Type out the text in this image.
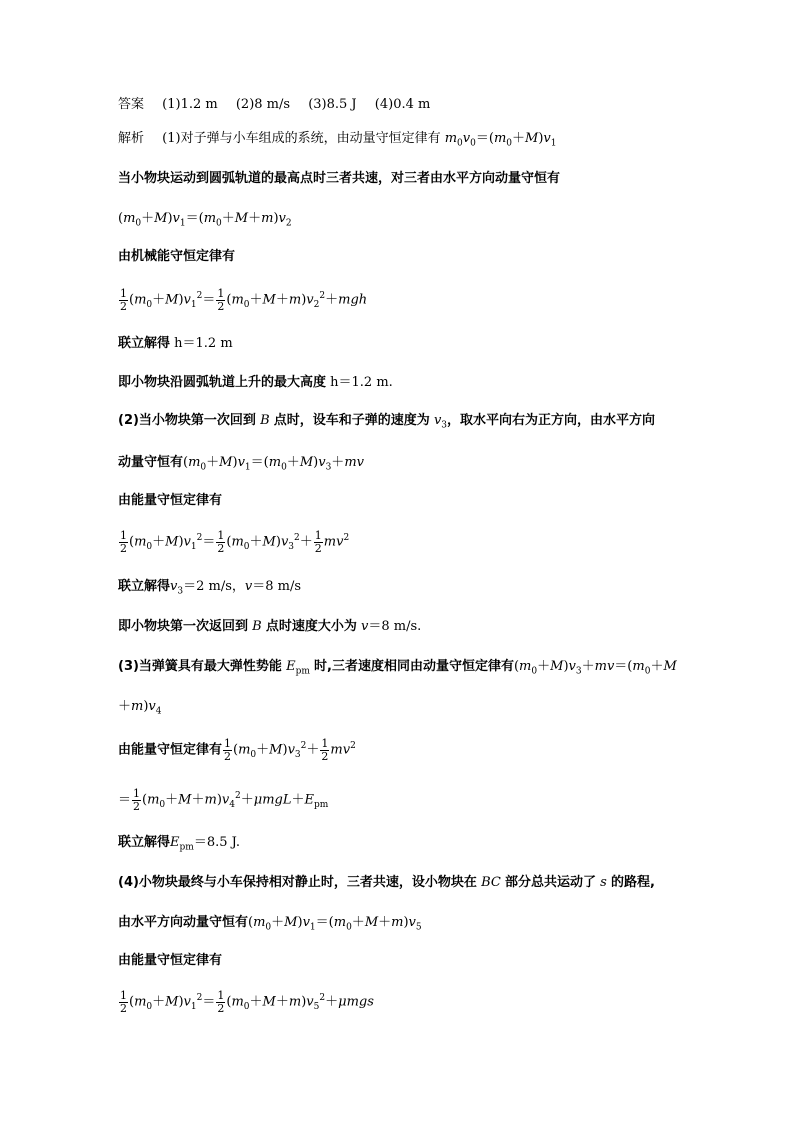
答案 (1)1.2 m (2)8 m/s (3)8.5 J (4)0.4 m
解析 (1)对子弹与小车组成的系统，由动量守恒定律有 $m_0v_0=(m_0+M)v_1$
当小物块运动到圆弧轨道的最高点时三者共速，对三者由水平方向动量守恒有
$(m_0+M)v_1=(m_0+M+m)v_2$
由机械能守恒定律有
$\frac{1}{2} (m_0+M)v_1^2= \frac{1}{2} (m_0+M+m)v_2^2+mgh$
联立解得 h＝1.2 m
即小物块沿圆弧轨道上升的最大高度 h＝1.2 m.
(2)当小物块第一次回到 B 点时，设车和子弹的速度为 $v_3$，取水平向右为正方向，由水平方向
动量守恒有$(m_0+M)v_1=(m_0+M)v_3+mv$
由能量守恒定律有
$\frac{1}{2} (m_0+M)v_1^2= \frac{1}{2} (m_0+M)v_3^2+ \frac{1}{2} mv^2$
联立解得$v_3=2$ m/s，v＝8 m/s
即小物块第一次返回到 B 点时速度大小为 v＝8 m/s.
(3)当弹簧具有最大弹性势能 $E_{pm}$ 时,三者速度相同由动量守恒定律有$(m_0+M)v_3+mv=(m_0+M$
$+m)v_4$
由能量守恒定律有 $\frac{1}{2} (m_0+M)v_3^2+ \frac{1}{2} mv^2$
＝ $\frac{1}{2} (m_0+M+m)v_4^2+\mu mgL+E_{pm}$
联立解得$E_{pm}=8.5$ J.
(4)小物块最终与小车保持相对静止时，三者共速，设小物块在 BC 部分总共运动了 s 的路程,
由水平方向动量守恒有$(m_0+M)v_1=(m_0+M+m)v_5$
由能量守恒定律有
$\frac{1}{2} (m_0+M)v_1^2= \frac{1}{2} (m_0+M+m)v_5^2+\mu mgs$
